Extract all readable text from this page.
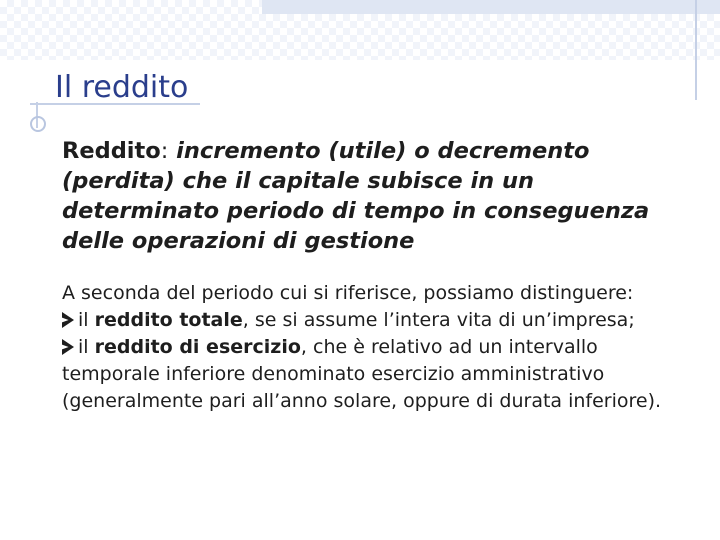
Il reddito
Reddito: incremento (utile) o decremento (perdita) che il capitale subisce in un determinato periodo di tempo in conseguenza delle operazioni di gestione
A seconda del periodo cui si riferisce, possiamo distinguere:
il reddito totale, se si assume l’intera vita di un’impresa;
il reddito di esercizio, che è relativo ad un intervallo temporale inferiore denominato esercizio amministrativo (generalmente pari all’anno solare, oppure di durata inferiore).
